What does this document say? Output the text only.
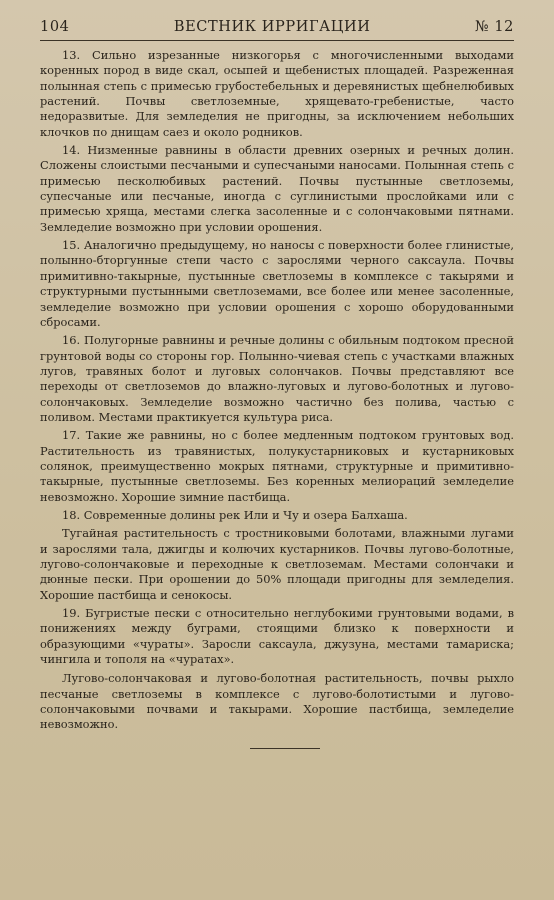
104	ВЕСТНИК ИРРИГАЦИИ	№ 12

13. Сильно изрезанные низкогорья с многочисленными выходами коренных пород в виде скал, осыпей и щебенистых площадей. Разреженная полынная степь с примесью грубостебельных и деревянистых щебнелюбивых растений. Почвы светлоземные, хрящевато-гребенистые, часто недоразвитые. Для земледелия не пригодны, за исключением небольших клочков по днищам саез и около родников.

14. Низменные равнины в области древних озерных и речных долин. Сложены слоистыми песчаными и супесчаными наносами. Полынная степь с примесью песколюбивых растений. Почвы пустынные светлоземы, супесчаные или песчаные, иногда с суглинистыми прослойками или с примесью хряща, местами слегка засоленные и с солончаковыми пятнами. Земледелие возможно при условии орошения.

15. Аналогично предыдущему, но наносы с поверхности более глинистые, полынно-бторгунные степи часто с зарослями черного саксаула. Почвы примитивно-такырные, пустынные светлоземы в комплексе с такырями и структурными пустынными светлоземами, все более или менее засоленные, земледелие возможно при условии орошения с хорошо оборудованными сбросами.

16. Полугорные равнины и речные долины с обильным подтоком пресной грунтовой воды со стороны гор. Полынно-чиевая степь с участками влажных лугов, травяных болот и луговых солончаков. Почвы представляют все переходы от светлоземов до влажно-луговых и лугово-болотных и лугово-солончаковых. Земледелие возможно частично без полива, частью с поливом. Местами практикуется культура риса.

17. Такие же равнины, но с более медленным подтоком грунтовых вод. Растительность из травянистых, полукустарниковых и кустарниковых солянок, преимущественно мокрых пятнами, структурные и примитивно-такырные, пустынные светлоземы. Без коренных мелиораций земледелие невозможно. Хорошие зимние пастбища.

18. Современные долины рек Или и Чу и озера Балхаша.

Тугайная растительность с тростниковыми болотами, влажными лугами и зарослями тала, джигды и колючих кустарников. Почвы лугово-болотные, лугово-солончаковые и переходные к светлоземам. Местами солончаки и дюнные пески. При орошении до 50% площади пригодны для земледелия. Хорошие пастбища и сенокосы.

19. Бугристые пески с относительно неглубокими грунтовыми водами, в понижениях между буграми, стоящими близко к поверхности и образующими «чураты». Заросли саксаула, джузуна, местами тамариска; чингила и тополя на «чуратах».

Лугово-солончаковая и лугово-болотная растительность, почвы рыхло песчаные светлоземы в комплексе с лугово-болотистыми и лугово-солончаковыми почвами и такырами. Хорошие пастбища, земледелие невозможно.
